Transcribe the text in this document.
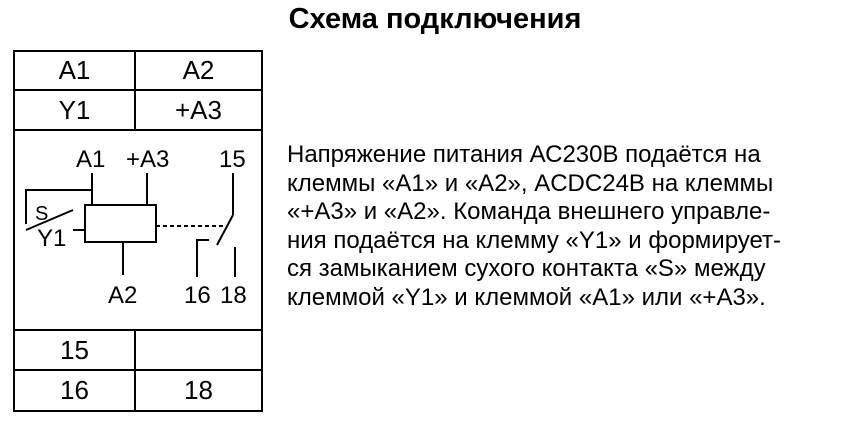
Схема подключения
A1	A2
Y1	+A3
15
16	18
A1 +A3 15
S
Y1
A2 16 18
Напряжение питания АС230В подаётся на
клеммы «А1» и «А2», ACDC24В на клеммы
«+А3» и «А2». Команда внешнего управле-
ния подаётся на клемму «Y1» и формирует-
ся замыканием сухого контакта «S» между
клеммой «Y1» и клеммой «А1» или «+А3».
